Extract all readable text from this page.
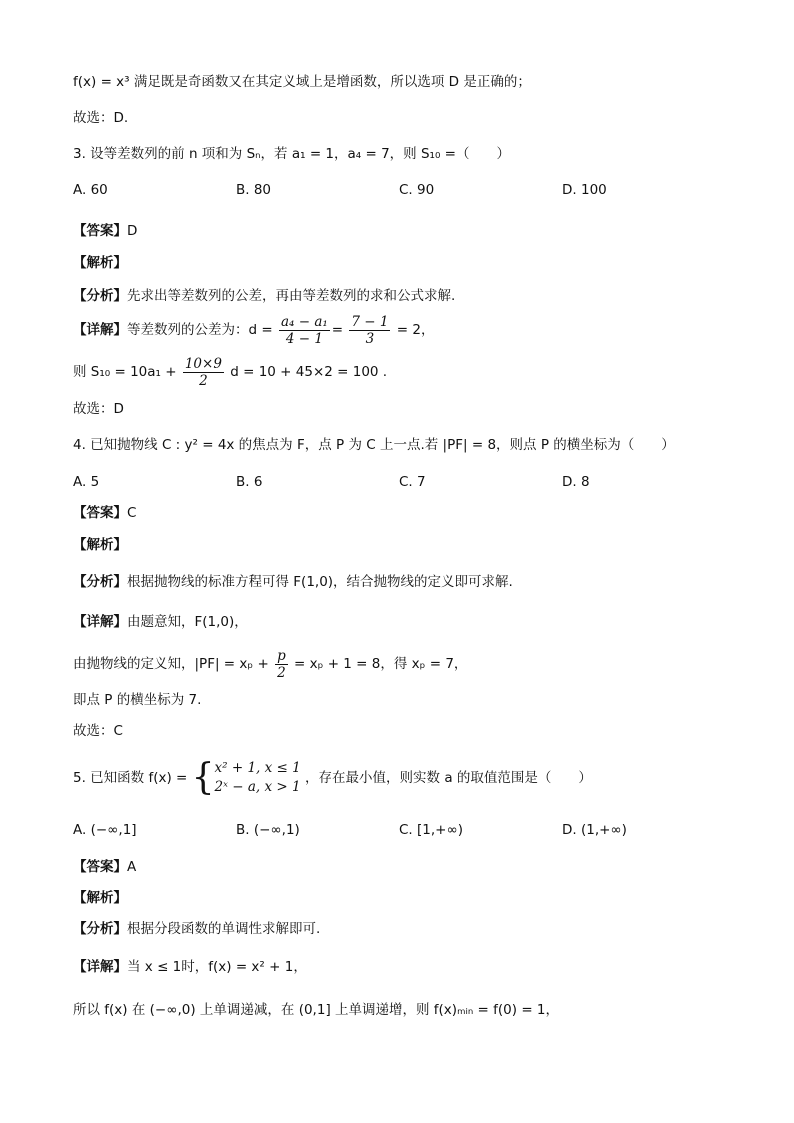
f(x) = x³ 满足既是奇函数又在其定义域上是增函数，所以选项 D 是正确的；
故选：D.
3. 设等差数列的前 n 项和为 Sₙ，若 a₁ = 1，a₄ = 7，则 S₁₀ =（　　）
A. 60	B. 80	C. 90	D. 100
【答案】D
【解析】
【分析】先求出等差数列的公差，再由等差数列的求和公式求解.
【详解】等差数列的公差为：$d = \frac{\text{a₄ − a₁}}{4 - 1} = \frac{7 - 1}{3} = 2$，
则 $S_{10} = 10a_1 + \frac{10\times 9}{2}$ d = 10 + 45×2 = 100 .
故选：D
4. 已知抛物线 C : y² = 4x 的焦点为 F，点 P 为 C 上一点.若 |PF| = 8，则点 P 的横坐标为（　　）
A. 5	B. 6	C. 7	D. 8
【答案】C
【解析】
【分析】根据抛物线的标准方程可得 F(1,0)，结合抛物线的定义即可求解.
【详解】由题意知，F(1,0)，
由抛物线的定义知，$|PF| = x_p + \frac{p}{2} = x_p + 1 = 8$，得 xₚ = 7，
即点 P 的横坐标为 7.
故选：C
5. 已知函数 f(x) = { x² + 1, x ≤ 1
2ˣ − a, x > 1
，存在最小值，则实数 a 的取值范围是（　　）
A. (−∞,1]	B. (−∞,1)	C. [1,+∞)	D. (1,+∞)
【答案】A
【解析】
【分析】根据分段函数的单调性求解即可.
【详解】当 x ≤ 1时，f(x) = x² + 1，
所以 f(x) 在 (−∞,0) 上单调递减，在 (0,1] 上单调递增，则 f(x)ₘᵢₙ = f(0) = 1，
